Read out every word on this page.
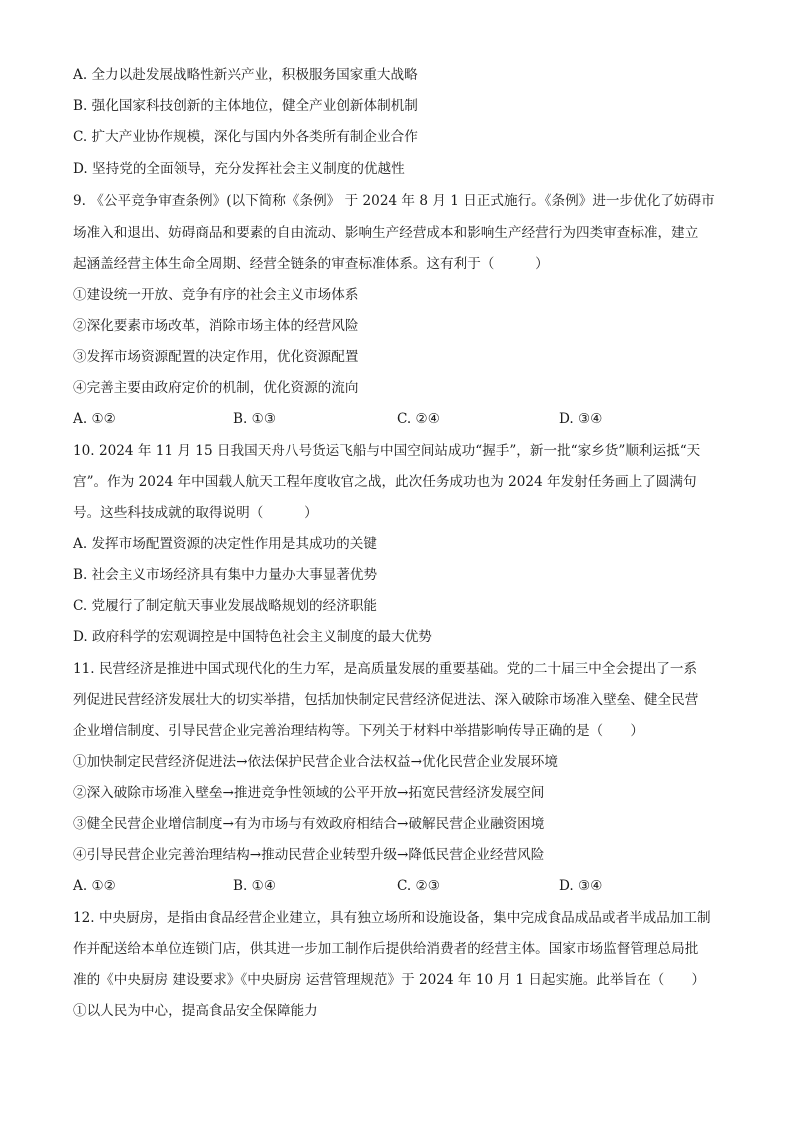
A. 全力以赴发展战略性新兴产业，积极服务国家重大战略
B. 强化国家科技创新的主体地位，健全产业创新体制机制
C. 扩大产业协作规模，深化与国内外各类所有制企业合作
D. 坚持党的全面领导，充分发挥社会主义制度的优越性
9. 《公平竞争审查条例》(以下简称《条例》 于 2024 年 8 月 1 日正式施行。《条例》进一步优化了妨碍市
场准入和退出、妨碍商品和要素的自由流动、影响生产经营成本和影响生产经营行为四类审查标准，建立
起涵盖经营主体生命全周期、经营全链条的审查标准体系。这有利于（　　　）
①建设统一开放、竞争有序的社会主义市场体系
②深化要素市场改革，消除市场主体的经营风险
③发挥市场资源配置的决定作用，优化资源配置
④完善主要由政府定价的机制，优化资源的流向
A. ①②	B. ①③	C. ②④	D. ③④
10. 2024 年 11 月 15 日我国天舟八号货运飞船与中国空间站成功“握手”，新一批“家乡货”顺利运抵“天
宫”。作为 2024 年中国载人航天工程年度收官之战，此次任务成功也为 2024 年发射任务画上了圆满句
号。这些科技成就的取得说明（　　　）
A. 发挥市场配置资源的决定性作用是其成功的关键
B. 社会主义市场经济具有集中力量办大事显著优势
C. 党履行了制定航天事业发展战略规划的经济职能
D. 政府科学的宏观调控是中国特色社会主义制度的最大优势
11. 民营经济是推进中国式现代化的生力军，是高质量发展的重要基础。党的二十届三中全会提出了一系
列促进民营经济发展壮大的切实举措，包括加快制定民营经济促进法、深入破除市场准入壁垒、健全民营
企业增信制度、引导民营企业完善治理结构等。下列关于材料中举措影响传导正确的是（　　）
①加快制定民营经济促进法→依法保护民营企业合法权益→优化民营企业发展环境
②深入破除市场准入壁垒→推进竞争性领域的公平开放→拓宽民营经济发展空间
③健全民营企业增信制度→有为市场与有效政府相结合→破解民营企业融资困境
④引导民营企业完善治理结构→推动民营企业转型升级→降低民营企业经营风险
A. ①②	B. ①④	C. ②③	D. ③④
12. 中央厨房，是指由食品经营企业建立，具有独立场所和设施设备，集中完成食品成品或者半成品加工制
作并配送给本单位连锁门店，供其进一步加工制作后提供给消费者的经营主体。国家市场监督管理总局批
准的《中央厨房 建设要求》《中央厨房 运营管理规范》于 2024 年 10 月 1 日起实施。此举旨在（　　）
①以人民为中心，提高食品安全保障能力
